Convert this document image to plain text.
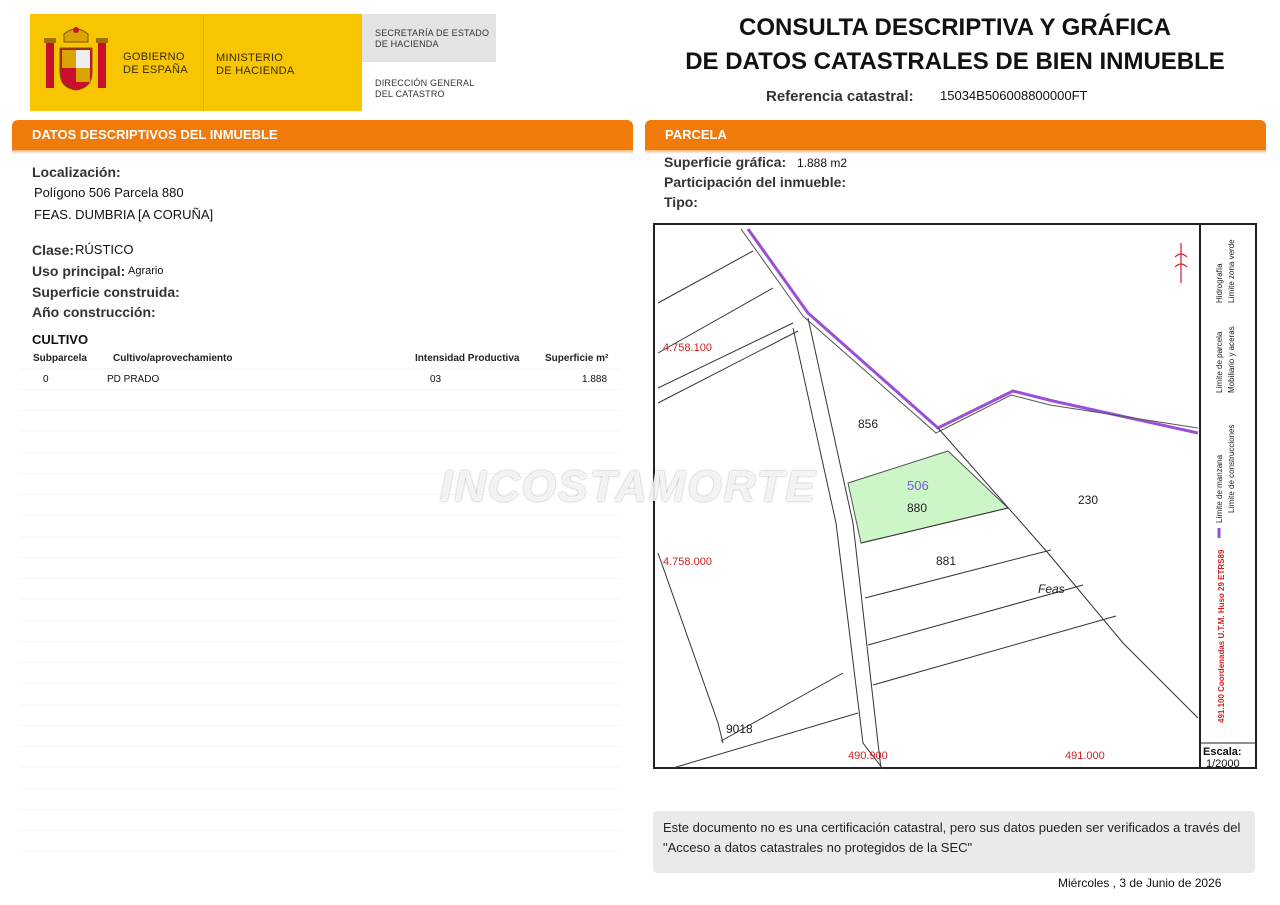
GOBIERNO
DE ESPAÑA
MINISTERIO
DE HACIENDA
SECRETARÍA DE ESTADO
DE HACIENDA
DIRECCIÓN GENERAL
DEL CATASTRO
CONSULTA DESCRIPTIVA Y GRÁFICA
DE DATOS CATASTRALES DE BIEN INMUEBLE
Referencia catastral: 15034B506008800000FT
DATOS DESCRIPTIVOS DEL INMUEBLE	PARCELA
Localización:
Polígono 506 Parcela 880
FEAS. DUMBRIA [A CORUÑA]
Clase: RÚSTICO
Uso principal: Agrario
Superficie construida:
Año construcción:
CULTIVO
Subparcela	Cultivo/aprovechamiento	Intensidad Productiva	Superficie m²
0	PD PRADO	03	1.888
Superficie gráfica: 1.888 m2
Participación del inmueble:
Tipo:
4.758.100
4.758.000
490.900	491.000
856
506
880
881
230
9018
Feas
Límite de manzana
Límite de parcela
Límite de construcciones
Mobiliario y aceras
Límite zona verde
Hidrografía
491.100 Coordenadas U.T.M. Huso 29 ETRS89
Escala:
1/2000
INCOSTAMORTE
Este documento no es una certificación catastral, pero sus datos pueden ser verificados a través del "Acceso a datos catastrales no protegidos de la SEC"
Miércoles , 3 de Junio de 2026
